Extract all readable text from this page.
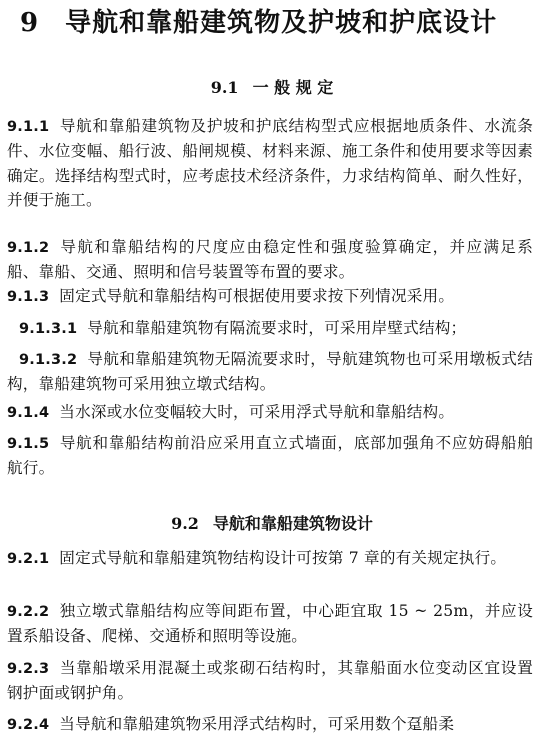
9 导航和靠船建筑物及护坡和护底设计
9.1 一 般 规 定
9.1.1 导航和靠船建筑物及护坡和护底结构型式应根据地质条件、水流条件、水位变幅、船行波、船闸规模、材料来源、施工条件和使用要求等因素确定。选择结构型式时，应考虑技术经济条件，力求结构简单、耐久性好，并便于施工。
9.1.2 导航和靠船结构的尺度应由稳定性和强度验算确定，并应满足系船、靠船、交通、照明和信号装置等布置的要求。
9.1.3 固定式导航和靠船结构可根据使用要求按下列情况采用。
9.1.3.1 导航和靠船建筑物有隔流要求时，可采用岸壁式结构；
9.1.3.2 导航和靠船建筑物无隔流要求时，导航建筑物也可采用墩板式结构，靠船建筑物可采用独立墩式结构。
9.1.4 当水深或水位变幅较大时，可采用浮式导航和靠船结构。
9.1.5 导航和靠船结构前沿应采用直立式墙面，底部加强角不应妨碍船舶航行。
9.2 导航和靠船建筑物设计
9.2.1 固定式导航和靠船建筑物结构设计可按第 7 章的有关规定执行。
9.2.2 独立墩式靠船结构应等间距布置，中心距宜取 15 ~ 25m，并应设置系船设备、爬梯、交通桥和照明等设施。
9.2.3 当靠船墩采用混凝土或浆砌石结构时，其靠船面水位变动区宜设置钢护面或钢护角。
9.2.4 当导航和靠船建筑物采用浮式结构时，可采用数个趸船柔
